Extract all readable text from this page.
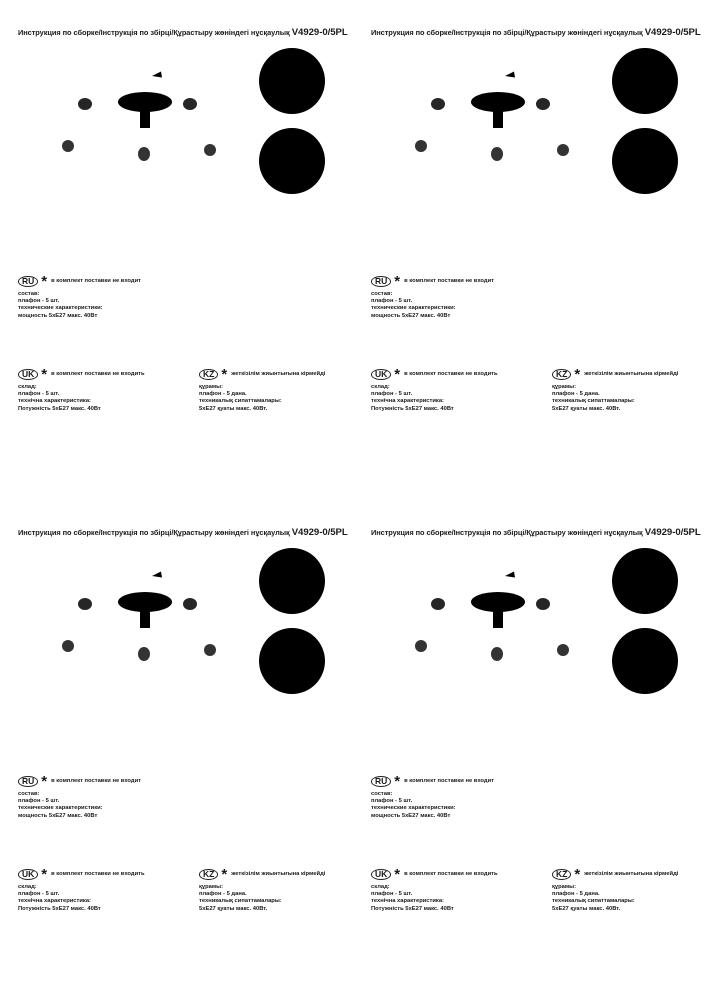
Инструкция по сборке/Інструкція по збірці/Құрастыру жөніндегі нұсқаулық V4929-0/5PL
*
*
RU * в комплект поставки не входит
состав:
плафон - 5 шт.
технические характеристики:
мощность 5xE27 макс. 40Вт
UK * в комплект поставки не входить
склад:
плафон - 5 шт.
технічна характеристика:
Потужність 5xE27 макс. 40Вт
KZ * жеткізілім жиынтығына кірмейді
құрамы:
плафон - 5 дана.
техникалық сипаттамалары:
5xE27 қуаты макс. 40Вт.
Инструкция по сборке/Інструкція по збірці/Құрастыру жөніндегі нұсқаулық V4929-0/5PL
*
*
RU * в комплект поставки не входит
состав:
плафон - 5 шт.
технические характеристики:
мощность 5xE27 макс. 40Вт
UK * в комплект поставки не входить
склад:
плафон - 5 шт.
технічна характеристика:
Потужність 5xE27 макс. 40Вт
KZ * жеткізілім жиынтығына кірмейді
құрамы:
плафон - 5 дана.
техникалық сипаттамалары:
5xE27 қуаты макс. 40Вт.
Инструкция по сборке/Інструкція по збірці/Құрастыру жөніндегі нұсқаулық V4929-0/5PL
*
*
RU * в комплект поставки не входит
состав:
плафон - 5 шт.
технические характеристики:
мощность 5xE27 макс. 40Вт
UK * в комплект поставки не входить
склад:
плафон - 5 шт.
технічна характеристика:
Потужність 5xE27 макс. 40Вт
KZ * жеткізілім жиынтығына кірмейді
құрамы:
плафон - 5 дана.
техникалық сипаттамалары:
5xE27 қуаты макс. 40Вт.
Инструкция по сборке/Інструкція по збірці/Құрастыру жөніндегі нұсқаулық V4929-0/5PL
*
*
RU * в комплект поставки не входит
состав:
плафон - 5 шт.
технические характеристики:
мощность 5xE27 макс. 40Вт
UK * в комплект поставки не входить
склад:
плафон - 5 шт.
технічна характеристика:
Потужність 5xE27 макс. 40Вт
KZ * жеткізілім жиынтығына кірмейді
құрамы:
плафон - 5 дана.
техникалық сипаттамалары:
5xE27 қуаты макс. 40Вт.
